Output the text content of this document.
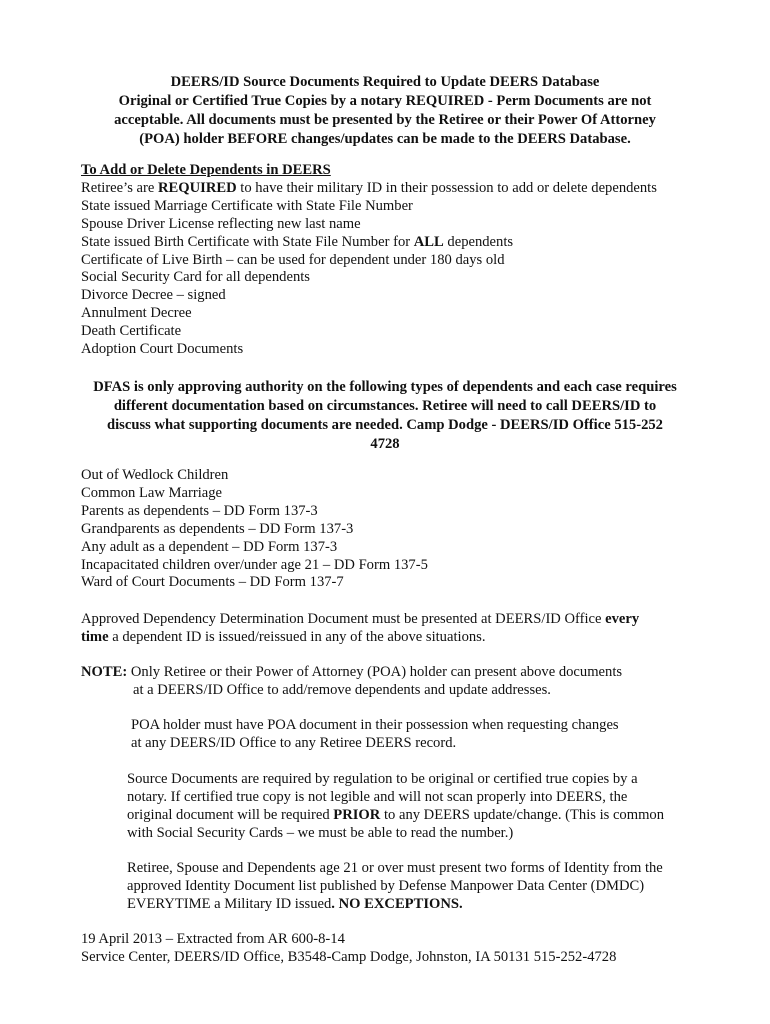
DEERS/ID Source Documents Required to Update DEERS Database
Original or Certified True Copies by a notary REQUIRED - Perm Documents are not
acceptable. All documents must be presented by the Retiree or their Power Of Attorney
(POA) holder BEFORE changes/updates can be made to the DEERS Database.
To Add or Delete Dependents in DEERS
Retiree’s are REQUIRED to have their military ID in their possession to add or delete dependents
State issued Marriage Certificate with State File Number
Spouse Driver License reflecting new last name
State issued Birth Certificate with State File Number for ALL dependents
Certificate of Live Birth – can be used for dependent under 180 days old
Social Security Card for all dependents
Divorce Decree – signed
Annulment Decree
Death Certificate
Adoption Court Documents
DFAS is only approving authority on the following types of dependents and each case requires
different documentation based on circumstances. Retiree will need to call DEERS/ID to
discuss what supporting documents are needed. Camp Dodge - DEERS/ID Office 515-252
4728
Out of Wedlock Children
Common Law Marriage
Parents as dependents – DD Form 137-3
Grandparents as dependents – DD Form 137-3
Any adult as a dependent – DD Form 137-3
Incapacitated children over/under age 21 – DD Form 137-5
Ward of Court Documents – DD Form 137-7
Approved Dependency Determination Document must be presented at DEERS/ID Office every
time a dependent ID is issued/reissued in any of the above situations.
NOTE: Only Retiree or their Power of Attorney (POA) holder can present above documents
at a DEERS/ID Office to add/remove dependents and update addresses.
POA holder must have POA document in their possession when requesting changes
at any DEERS/ID Office to any Retiree DEERS record.
Source Documents are required by regulation to be original or certified true copies by a
notary. If certified true copy is not legible and will not scan properly into DEERS, the
original document will be required PRIOR to any DEERS update/change. (This is common
with Social Security Cards – we must be able to read the number.)
Retiree, Spouse and Dependents age 21 or over must present two forms of Identity from the
approved Identity Document list published by Defense Manpower Data Center (DMDC)
EVERYTIME a Military ID issued. NO EXCEPTIONS.
19 April 2013 – Extracted from AR 600-8-14
Service Center, DEERS/ID Office, B3548-Camp Dodge, Johnston, IA 50131 515-252-4728
